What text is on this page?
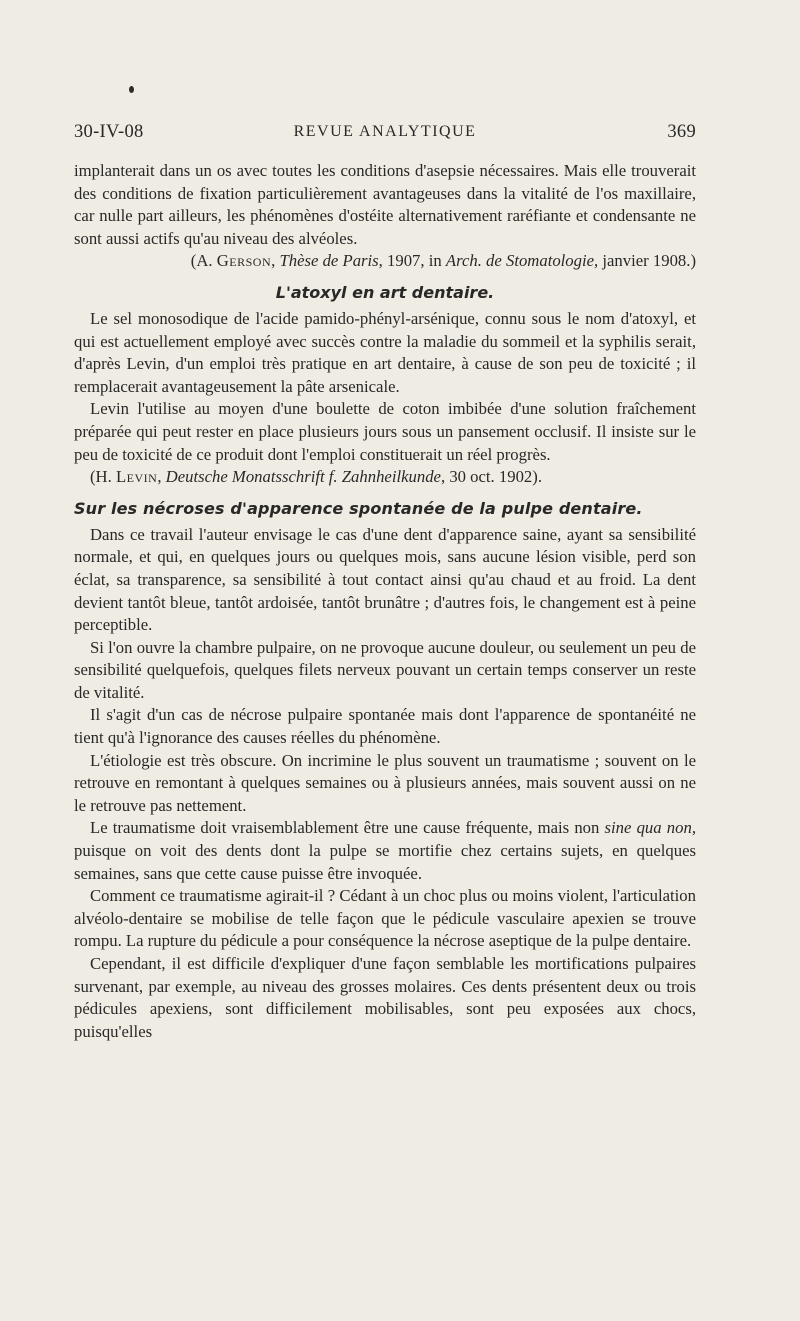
30-IV-08	REVUE ANALYTIQUE	369

implanterait dans un os avec toutes les conditions d'asepsie nécessaires. Mais elle trouverait des conditions de fixation particulièrement avantageuses dans la vitalité de l'os maxillaire, car nulle part ailleurs, les phénomènes d'ostéite alternativement raréfiante et condensante ne sont aussi actifs qu'au niveau des alvéoles.

(A. Gerson, Thèse de Paris, 1907, in Arch. de Stomatologie, janvier 1908.)

L'atoxyl en art dentaire.

Le sel monosodique de l'acide pamido-phényl-arsénique, connu sous le nom d'atoxyl, et qui est actuellement employé avec succès contre la maladie du sommeil et la syphilis serait, d'après Levin, d'un emploi très pratique en art dentaire, à cause de son peu de toxicité ; il remplacerait avantageusement la pâte arsenicale.

Levin l'utilise au moyen d'une boulette de coton imbibée d'une solution fraîchement préparée qui peut rester en place plusieurs jours sous un pansement occlusif. Il insiste sur le peu de toxicité de ce produit dont l'emploi constituerait un réel progrès.

(H. Levin, Deutsche Monatsschrift f. Zahnheilkunde, 30 oct. 1902).

Sur les nécroses d'apparence spontanée de la pulpe dentaire.

Dans ce travail l'auteur envisage le cas d'une dent d'apparence saine, ayant sa sensibilité normale, et qui, en quelques jours ou quelques mois, sans aucune lésion visible, perd son éclat, sa transparence, sa sensibilité à tout contact ainsi qu'au chaud et au froid. La dent devient tantôt bleue, tantôt ardoisée, tantôt brunâtre ; d'autres fois, le changement est à peine perceptible.

Si l'on ouvre la chambre pulpaire, on ne provoque aucune douleur, ou seulement un peu de sensibilité quelquefois, quelques filets nerveux pouvant un certain temps conserver un reste de vitalité.

Il s'agit d'un cas de nécrose pulpaire spontanée mais dont l'apparence de spontanéité ne tient qu'à l'ignorance des causes réelles du phénomène.

L'étiologie est très obscure. On incrimine le plus souvent un traumatisme ; souvent on le retrouve en remontant à quelques semaines ou à plusieurs années, mais souvent aussi on ne le retrouve pas nettement.

Le traumatisme doit vraisemblablement être une cause fréquente, mais non sine qua non, puisque on voit des dents dont la pulpe se mortifie chez certains sujets, en quelques semaines, sans que cette cause puisse être invoquée.

Comment ce traumatisme agirait-il ? Cédant à un choc plus ou moins violent, l'articulation alvéolo-dentaire se mobilise de telle façon que le pédicule vasculaire apexien se trouve rompu. La rupture du pédicule a pour conséquence la nécrose aseptique de la pulpe dentaire.

Cependant, il est difficile d'expliquer d'une façon semblable les mortifications pulpaires survenant, par exemple, au niveau des grosses molaires. Ces dents présentent deux ou trois pédicules apexiens, sont difficilement mobilisables, sont peu exposées aux chocs, puisqu'elles
